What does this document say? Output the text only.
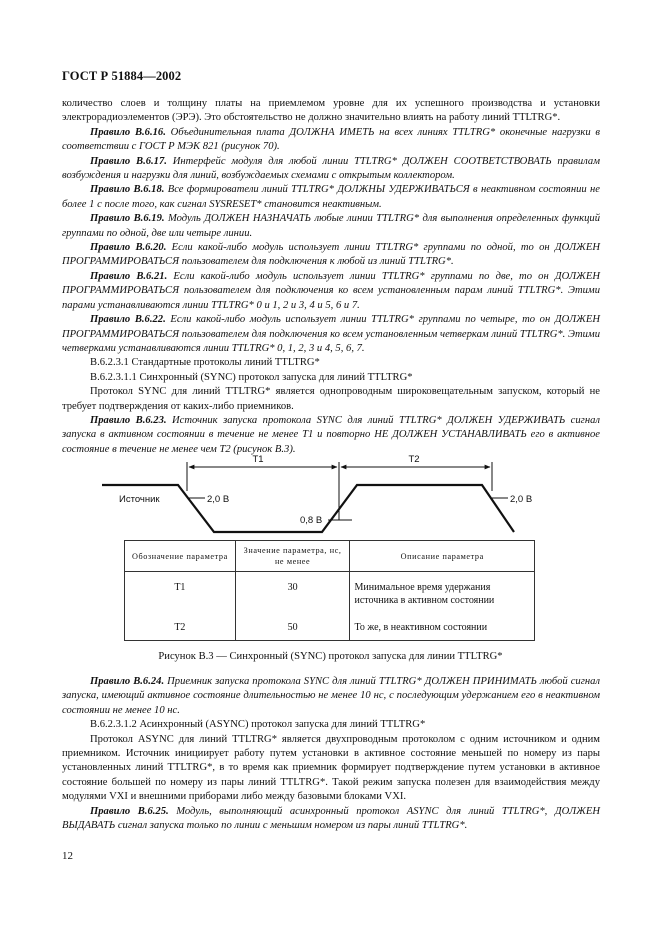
ГОСТ Р 51884—2002

количество слоев и толщину платы на приемлемом уровне для их успешного производства и установки электрорадиоэлементов (ЭРЭ). Это обстоятельство не должно значительно влиять на работу линий TTLTRG*.

Правило В.6.16. Объединительная плата ДОЛЖНА ИМЕТЬ на всех линиях TTLTRG* оконечные нагрузки в соответствии с ГОСТ Р МЭК 821 (рисунок 70).

Правило В.6.17. Интерфейс модуля для любой линии TTLTRG* ДОЛЖЕН СООТВЕТСТВОВАТЬ правилам возбуждения и нагрузки для линий, возбуждаемых схемами с открытым коллектором.

Правило В.6.18. Все формирователи линий TTLTRG* ДОЛЖНЫ УДЕРЖИВАТЬСЯ в неактивном состоянии не более 1 с после того, как сигнал SYSRESET* становится неактивным.

Правило В.6.19. Модуль ДОЛЖЕН НАЗНАЧАТЬ любые линии TTLTRG* для выполнения определенных функций группами по одной, две или четыре линии.

Правило В.6.20. Если какой-либо модуль использует линии TTLTRG* группами по одной, то он ДОЛЖЕН ПРОГРАММИРОВАТЬСЯ пользователем для подключения к любой из линий TTLTRG*.

Правило В.6.21. Если какой-либо модуль использует линии TTLTRG* группами по две, то он ДОЛЖЕН ПРОГРАММИРОВАТЬСЯ пользователем для подключения ко всем установленным парам линий TTLTRG*. Этими парами устанавливаются линии TTLTRG* 0 и 1, 2 и 3, 4 и 5, 6 и 7.

Правило В.6.22. Если какой-либо модуль использует линии TTLTRG* группами по четыре, то он ДОЛЖЕН ПРОГРАММИРОВАТЬСЯ пользователем для подключения ко всем установленным четверкам линий TTLTRG*. Этими четверками устанавливаются линии TTLTRG* 0, 1, 2, 3 и 4, 5, 6, 7.

В.6.2.3.1 Стандартные протоколы линий TTLTRG*

В.6.2.3.1.1 Синхронный (SYNC) протокол запуска для линий TTLTRG*

Протокол SYNC для линий TTLTRG* является однопроводным широковещательным запуском, который не требует подтверждения от каких-либо приемников.

Правило В.6.23. Источник запуска протокола SYNC для линий TTLTRG* ДОЛЖЕН УДЕРЖИВАТЬ сигнал запуска в активном состоянии в течение не менее Т1 и повторно НЕ ДОЛЖЕН УСТАНАВЛИВАТЬ его в активное состояние в течение не менее чем Т2 (рисунок В.3).

Т1	Т2
Источник	2,0 В
0,8 В
2,0 В
Обозначение параметра	Значение параметра, нс, не менее	Описание параметра
Т1	30	Минимальное время удержания источника в активном состоянии
Т2	50	То же, в неактивном состоянии
Рисунок В.3 — Синхронный (SYNC) протокол запуска для линии TTLTRG*

Правило В.6.24. Приемник запуска протокола SYNC для линий TTLTRG* ДОЛЖЕН ПРИНИМАТЬ любой сигнал запуска, имеющий активное состояние длительностью не менее 10 нс, с последующим удержанием его в неактивном состоянии не менее 10 нс.

В.6.2.3.1.2 Асинхронный (ASYNC) протокол запуска для линий TTLTRG*

Протокол ASYNC для линий TTLTRG* является двухпроводным протоколом с одним источником и одним приемником. Источник инициирует работу путем установки в активное состояние меньшей по номеру из пары установленных линий TTLTRG*, в то время как приемник формирует подтверждение путем установки в активное состояние большей по номеру из пары линий TTLTRG*. Такой режим запуска полезен для взаимодействия между модулями VXI и внешними приборами либо между базовыми блоками VXI.

Правило В.6.25. Модуль, выполняющий асинхронный протокол ASYNC для линий TTLTRG*, ДОЛЖЕН ВЫДАВАТЬ сигнал запуска только по линии с меньшим номером из пары линий TTLTRG*.

12
